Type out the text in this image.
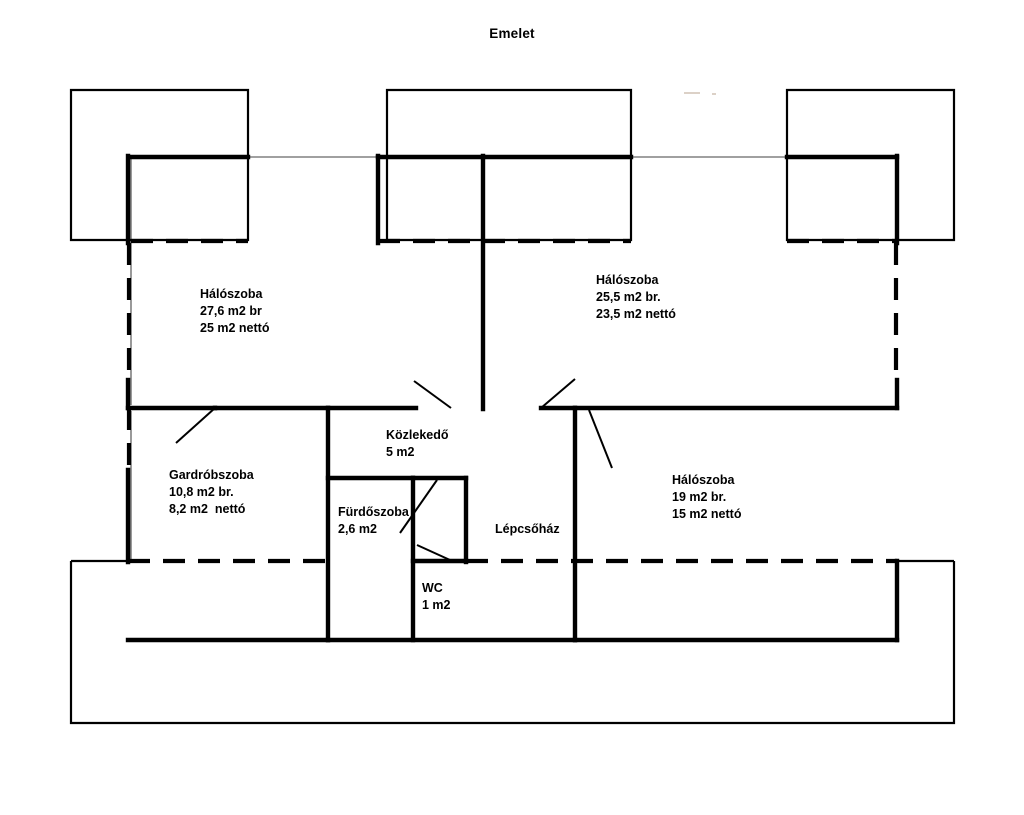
Emelet
Hálószoba
27,6 m2 br
25 m2 nettó
Hálószoba
25,5 m2 br.
23,5 m2 nettó
Gardróbszoba
10,8 m2 br.
8,2 m2  nettó
Közlekedő
5 m2
Fürdőszoba
2,6 m2	Lépcsőház
Hálószoba
19 m2 br.
15 m2 nettó
WC
1 m2
